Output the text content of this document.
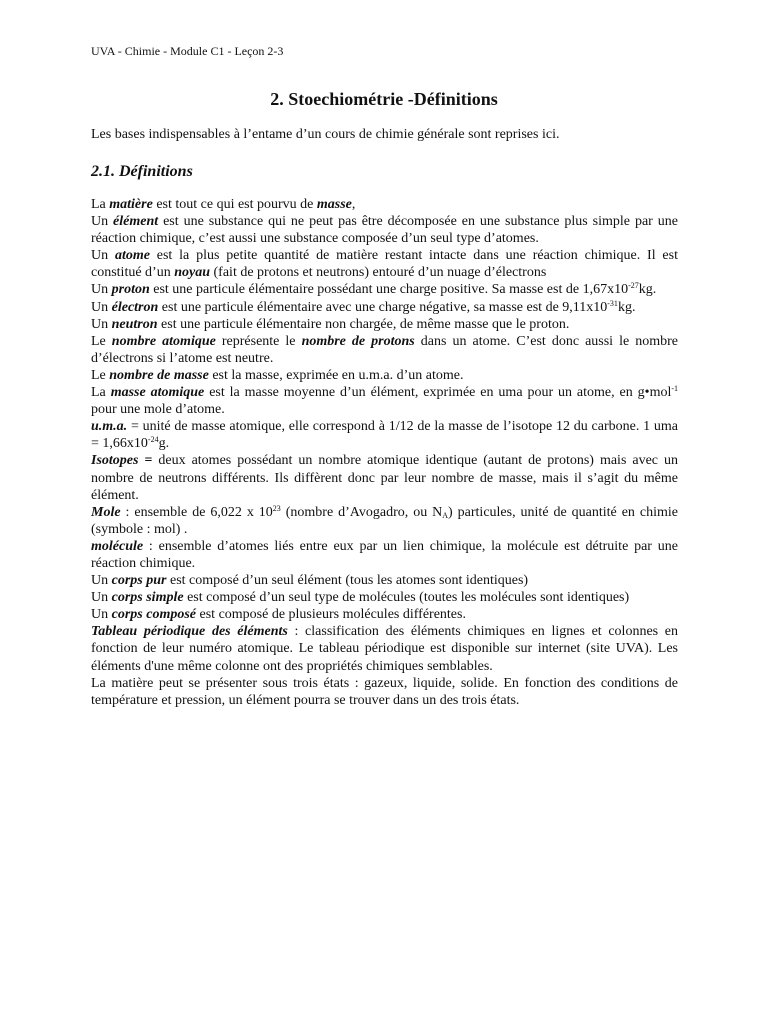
UVA - Chimie - Module C1 - Leçon 2-3
2. Stoechiométrie -Définitions
Les bases indispensables à l’entame d’un cours de chimie générale sont reprises ici.
2.1. Définitions

La matière est tout ce qui est pourvu de masse,

Un élément est une substance qui ne peut pas être décomposée en une substance plus simple par une réaction chimique, c’est aussi une substance composée d’un seul type d’atomes.

Un atome est la plus petite quantité de matière restant intacte dans une réaction chimique. Il est constitué d’un noyau (fait de protons et neutrons) entouré d’un nuage d’électrons

Un proton est une particule élémentaire possédant une charge positive. Sa masse est de $1,67x10^{-27}kg$.

Un électron est une particule élémentaire avec une charge négative, sa masse est de $9,11x10^{-31}kg$.

Un neutron est une particule élémentaire non chargée, de même masse que le proton.

Le nombre atomique représente le nombre de protons dans un atome. C’est donc aussi le nombre d’électrons si l’atome est neutre.

Le nombre de masse est la masse, exprimée en u.m.a. d’un atome.

La masse atomique est la masse moyenne d’un élément, exprimée en uma pour un atome, en g•mol$^{-1}$ pour une mole d’atome.

u.m.a. = unité de masse atomique, elle correspond à 1/12 de la masse de l’isotope 12 du carbone. 1 uma = $1,66x10^{-24}g$.

Isotopes = deux atomes possédant un nombre atomique identique (autant de protons) mais avec un nombre de neutrons différents. Ils diffèrent donc par leur nombre de masse, mais il s’agit du même élément.

Mole : ensemble de 6,022 x $10^{23}$ (nombre d’Avogadro, ou $N_A$) particules, unité de quantité en chimie (symbole : mol) .

molécule : ensemble d’atomes liés entre eux par un lien chimique, la molécule est détruite par une réaction chimique.

Un corps pur est composé d’un seul élément (tous les atomes sont identiques)

Un corps simple est composé d’un seul type de molécules (toutes les molécules sont identiques)

Un corps composé est composé de plusieurs molécules différentes.

Tableau périodique des éléments : classification des éléments chimiques en lignes et colonnes en fonction de leur numéro atomique. Le tableau périodique est disponible sur internet (site UVA). Les éléments d'une même colonne ont des propriétés chimiques semblables.

La matière peut se présenter sous trois états : gazeux, liquide, solide. En fonction des conditions de température et pression, un élément pourra se trouver dans un des trois états.
